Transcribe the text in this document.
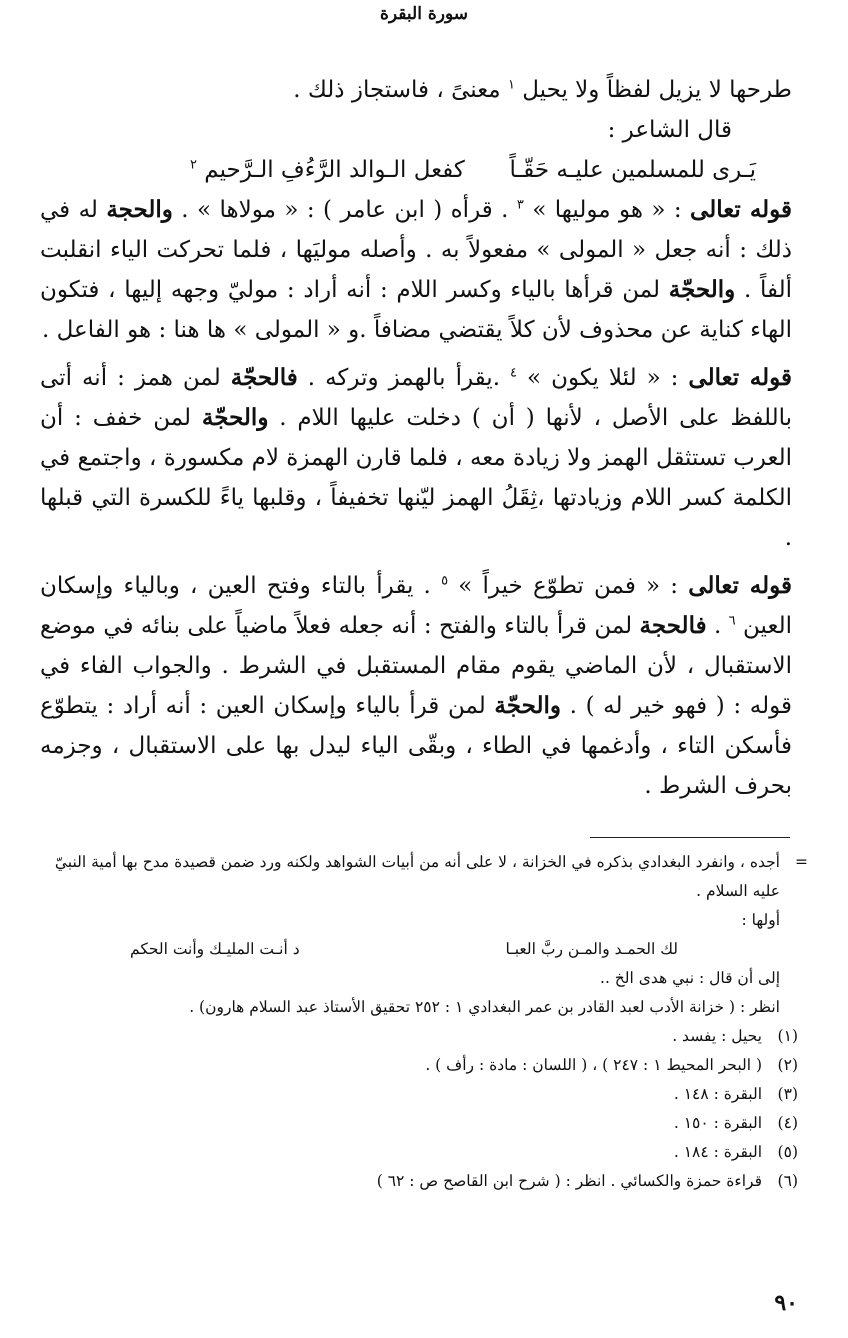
سورة البقرة

طرحها لا يزيل لفظاً ولا يحيل $^١$ معنىً ، فاستجاز ذلك .

قال الشاعر :

يَـرى للمسلمين عليـه حَقّـاً
كفعل الـوالد الرَّءُفِ الـرَّحيم $^٢$

قوله تعالى : « هو موليها » $^٣$ . قرأه ( ابن عامر ) : « مولاها » . والحجة له في ذلك : أنه جعل « المولى » مفعولاً به . وأصله موليَها ، فلما تحركت الياء انقلبت ألفاً . والحجّة لمن قرأها بالياء وكسر اللام : أنه أراد : موليّ وجهه إليها ، فتكون الهاء كناية عن محذوف لأن كلاً يقتضي مضافاً .و « المولى » ها هنا : هو الفاعل .

قوله تعالى : « لئلا يكون » $^٤$ .يقرأ بالهمز وتركه . فالحجّة لمن همز : أنه أتى باللفظ على الأصل ، لأنها ( أن ) دخلت عليها اللام . والحجّة لمن خفف : أن العرب تستثقل الهمز ولا زيادة معه ، فلما قارن الهمزة لام مكسورة ، واجتمع في الكلمة كسر اللام وزيادتها ،ثِقَلُ الهمز ليّنها تخفيفاً ، وقلبها ياءً للكسرة التي قبلها .

قوله تعالى : « فمن تطوّع خيراً » $^٥$ . يقرأ بالتاء وفتح العين ، وبالياء وإسكان العين $^٦$ . فالحجة لمن قرأ بالتاء والفتح : أنه جعله فعلاً ماضياً على بنائه في موضع الاستقبال ، لأن الماضي يقوم مقام المستقبل في الشرط . والجواب الفاء في قوله : ( فهو خير له ) . والحجّة لمن قرأ بالياء وإسكان العين : أنه أراد : يتطوّع فأسكن التاء ، وأدغمها في الطاء ، وبقّى الياء ليدل بها على الاستقبال ، وجزمه بحرف الشرط .

=
أجده ، وانفرد البغدادي بذكره في الخزانة ، لا على أنه من أبيات الشواهد ولكنه ورد ضمن قصيدة مدح بها أمية النبيّ عليه السلام .

أولها :

لك الحمـد والمـن ربَّ العبـا
د أنـت المليـك وأنت الحكم

إلى أن قال : نبي هدى الخ ..

انظر : ( خزانة الأدب لعبد القادر بن عمر البغدادي ١ : ٢٥٢ تحقيق الأستاذ عبد السلام هارون) .

(١)
يحيل : يفسد .
(٢)
( البحر المحيط ١ : ٢٤٧ ) ، ( اللسان : مادة : رأف ) .
(٣)
البقرة : ١٤٨ .
(٤)
البقرة : ١٥٠ .
(٥)
البقرة : ١٨٤ .
(٦)
قراءة حمزة والكسائي . انظر : ( شرح ابن القاصح ص : ٦٢ )
٩٠
